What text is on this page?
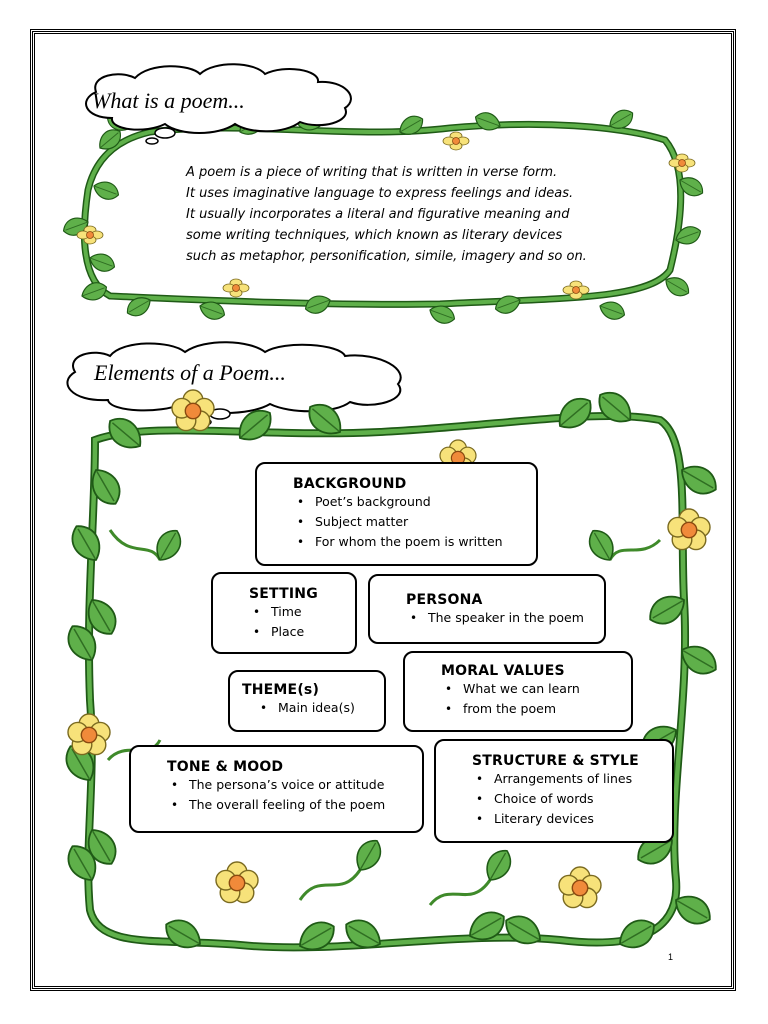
What is a poem...
A poem is a piece of writing that is written in verse form.
It uses imaginative language to express feelings and ideas.
It usually incorporates a literal and figurative meaning and
some writing techniques, which known as literary devices
such as metaphor, personification, simile, imagery and so on.
Elements of a Poem...
BACKGROUND
• Poet’s background
• Subject matter
• For whom the poem is written
SETTING
• Time
• Place
PERSONA
• The speaker in the poem
THEME(s)
• Main idea(s)
MORAL VALUES
• What we can learn
• from the poem
TONE & MOOD
• The persona’s voice or attitude
• The overall feeling of the poem
STRUCTURE & STYLE
• Arrangements of lines
• Choice of words
• Literary devices
1
